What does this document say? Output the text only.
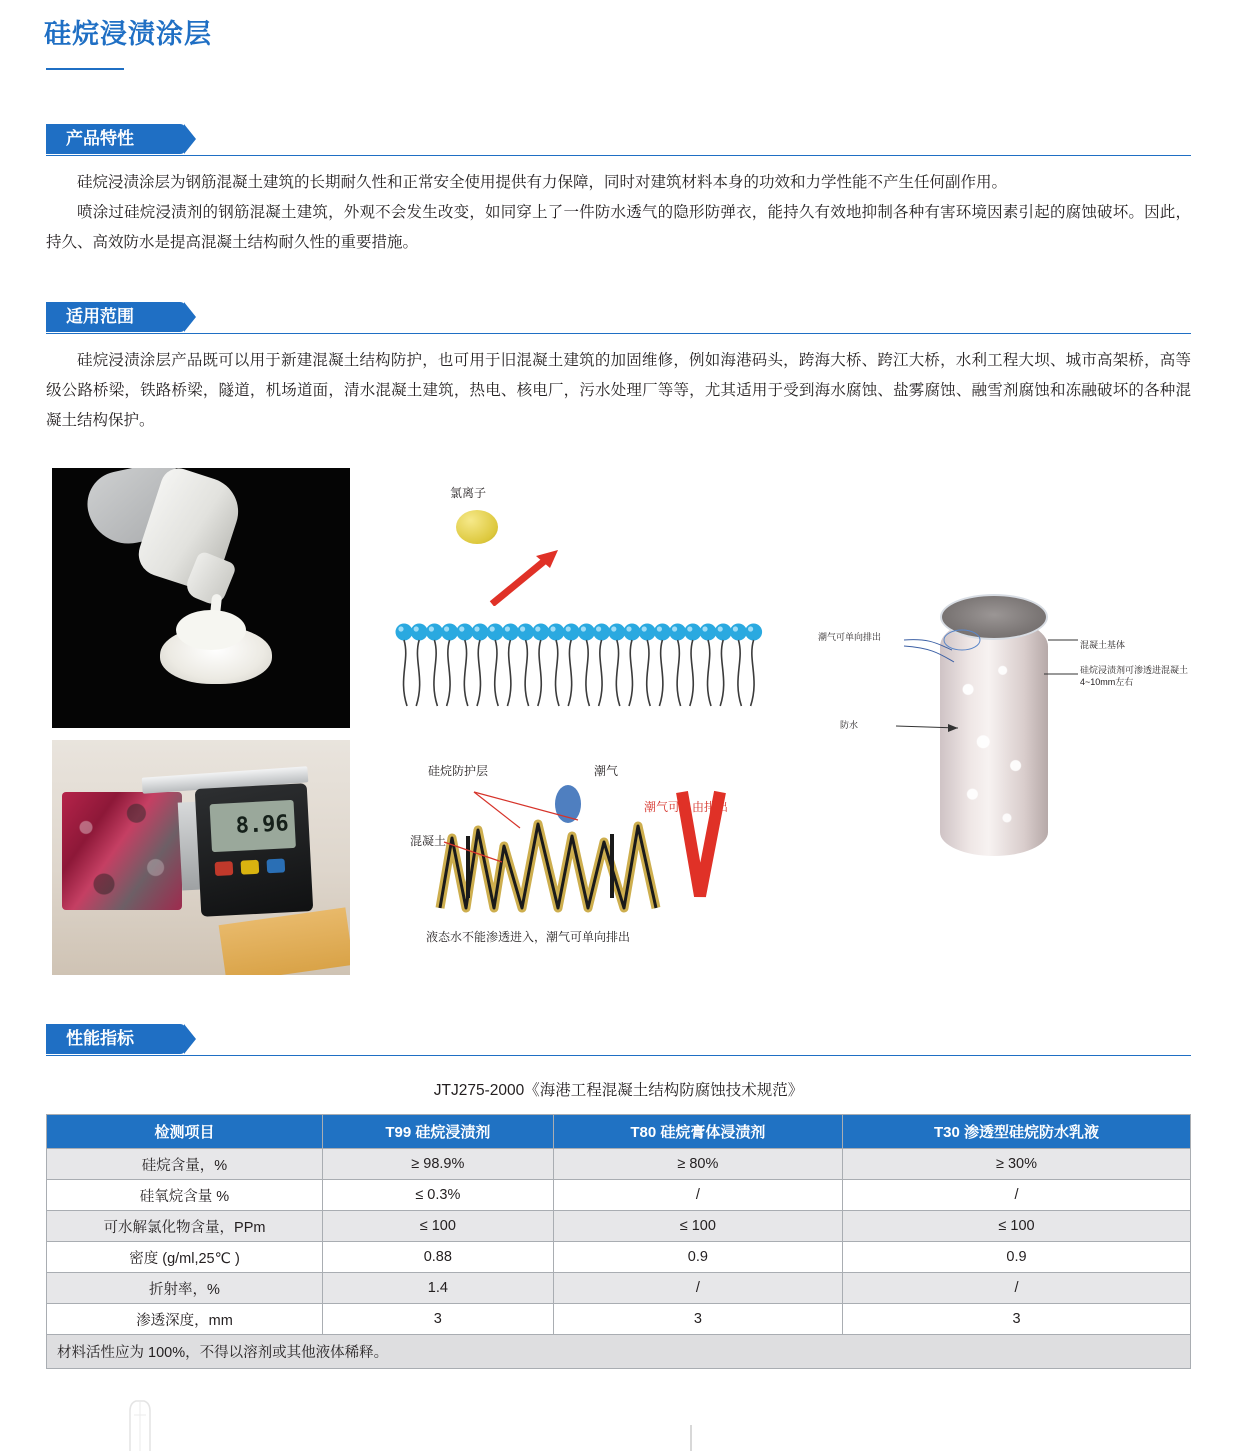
硅烷浸渍涂层
产品特性

硅烷浸渍涂层为钢筋混凝土建筑的长期耐久性和正常安全使用提供有力保障，同时对建筑材料本身的功效和力学性能不产生任何副作用。

喷涂过硅烷浸渍剂的钢筋混凝土建筑，外观不会发生改变，如同穿上了一件防水透气的隐形防弹衣，能持久有效地抑制各种有害环境因素引起的腐蚀破坏。因此，持久、高效防水是提高混凝土结构耐久性的重要措施。

适用范围

硅烷浸渍涂层产品既可以用于新建混凝土结构防护，也可用于旧混凝土建筑的加固维修，例如海港码头，跨海大桥、跨江大桥，水利工程大坝、城市高架桥，高等级公路桥梁，铁路桥梁，隧道，机场道面，清水混凝土建筑，热电、核电厂，污水处理厂等等，尤其适用于受到海水腐蚀、盐雾腐蚀、融雪剂腐蚀和冻融破坏的各种混凝土结构保护。

8.96
氯离子
硅烷防护层
混凝土
潮气
潮气可自由排出
液态水不能渗透进入，潮气可单向排出
潮气可单向排出
防水
混凝土基体
硅烷浸渍剂可渗透进混凝土4~10mm左右
性能指标
JTJ275-2000《海港工程混凝土结构防腐蚀技术规范》
检测项目	T99 硅烷浸渍剂	T80 硅烷膏体浸渍剂	T30 渗透型硅烷防水乳液
硅烷含量，%	≥ 98.9%	≥ 80%	≥ 30%
硅氧烷含量 %	≤ 0.3%	/	/
可水解氯化物含量，PPm	≤ 100	≤ 100	≤ 100
密度 (g/ml,25℃ )	0.88	0.9	0.9
折射率，%	1.4	/	/
渗透深度，mm	3	3	3
材料活性应为 100%，不得以溶剂或其他液体稀释。			
